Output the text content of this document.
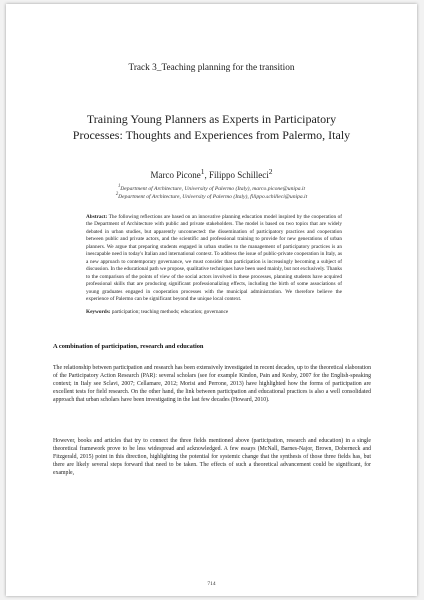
Track 3_Teaching planning for the transition
Training Young Planners as Experts in Participatory Processes: Thoughts and Experiences from Palermo, Italy
Marco Picone$^1$, Filippo Schilleci$^2$
$^1$Department of Architecture, University of Palermo (Italy), marco.picone@unipa.it
$^2$Department of Architecture, University of Palermo (Italy), filippo.schilleci@unipa.it
Abstract: The following reflections are based on an innovative planning education model inspired by the cooperation of the Department of Architecture with public and private stakeholders. The model is based on two topics that are widely debated in urban studies, but apparently unconnected: the dissemination of participatory practices and cooperation between public and private actors, and the scientific and professional training to provide for new generations of urban planners. We argue that preparing students engaged in urban studies to the management of participatory practices is an inescapable need in today's Italian and international context. To address the issue of public-private cooperation in Italy, as a new approach to contemporary governance, we must consider that participation is increasingly becoming a subject of discussion. In the educational path we propose, qualitative techniques have been used mainly, but not exclusively. Thanks to the comparison of the points of view of the social actors involved in these processes, planning students have acquired professional skills that are producing significant professionalizing effects, including the birth of some associations of young graduates engaged in cooperation processes with the municipal administration. We therefore believe the experience of Palermo can be significant beyond the unique local context.
Keywords: participation; teaching methods; education; governance
A combination of participation, research and education
The relationship between participation and research has been extensively investigated in recent decades, up to the theoretical elaboration of the Participatory Action Research (PAR): several scholars (see for example Kindon, Pain and Kesby, 2007 for the English-speaking context; in Italy see Sclavi, 2007; Cellamare, 2012; Morisi and Perrone, 2013) have highlighted how the forms of participation are excellent tests for field research. On the other hand, the link between participation and educational practices is also a well consolidated approach that urban scholars have been investigating in the last few decades (Howard, 2010).
However, books and articles that try to connect the three fields mentioned above (participation, research and education) in a single theoretical framework prove to be less widespread and acknowledged. A few essays (McNall, Barnes-Najor, Brown, Doberneck and Fitzgerald, 2015) point in this direction, highlighting the potential for systemic change that the synthesis of those three fields has, but there are likely several steps forward that need to be taken. The effects of such a theoretical advancement could be significant, for example,
714
